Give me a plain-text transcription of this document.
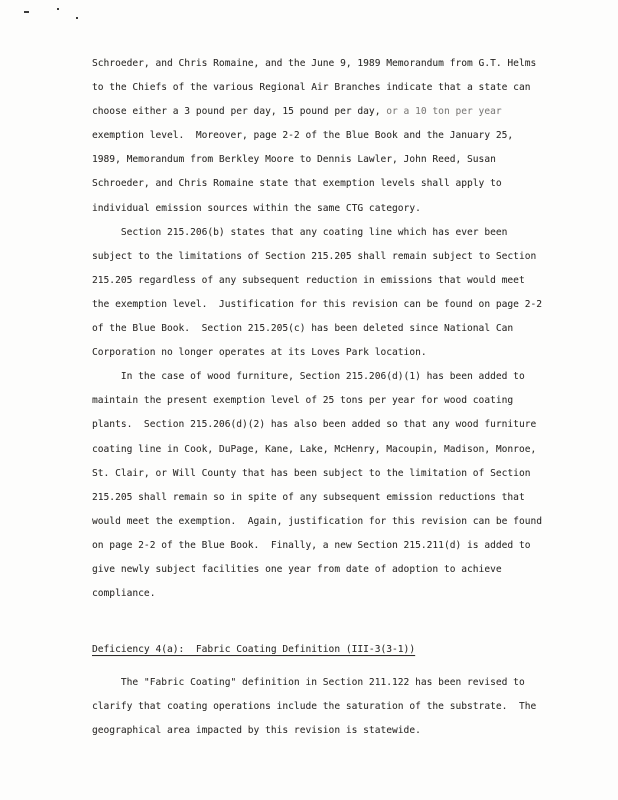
Schroeder, and Chris Romaine, and the June 9, 1989 Memorandum from G.T. Helms
to the Chiefs of the various Regional Air Branches indicate that a state can
choose either a 3 pound per day, 15 pound per day, or a 10 ton per year
exemption level.  Moreover, page 2-2 of the Blue Book and the January 25,
1989, Memorandum from Berkley Moore to Dennis Lawler, John Reed, Susan
Schroeder, and Chris Romaine state that exemption levels shall apply to
individual emission sources within the same CTG category.
Section 215.206(b) states that any coating line which has ever been
subject to the limitations of Section 215.205 shall remain subject to Section
215.205 regardless of any subsequent reduction in emissions that would meet
the exemption level.  Justification for this revision can be found on page 2-2
of the Blue Book.  Section 215.205(c) has been deleted since National Can
Corporation no longer operates at its Loves Park location.
In the case of wood furniture, Section 215.206(d)(1) has been added to
maintain the present exemption level of 25 tons per year for wood coating
plants.  Section 215.206(d)(2) has also been added so that any wood furniture
coating line in Cook, DuPage, Kane, Lake, McHenry, Macoupin, Madison, Monroe,
St. Clair, or Will County that has been subject to the limitation of Section
215.205 shall remain so in spite of any subsequent emission reductions that
would meet the exemption.  Again, justification for this revision can be found
on page 2-2 of the Blue Book.  Finally, a new Section 215.211(d) is added to
give newly subject facilities one year from date of adoption to achieve
compliance.
Deficiency 4(a):  Fabric Coating Definition (III-3(3-1))
The "Fabric Coating" definition in Section 211.122 has been revised to
clarify that coating operations include the saturation of the substrate.  The
geographical area impacted by this revision is statewide.
